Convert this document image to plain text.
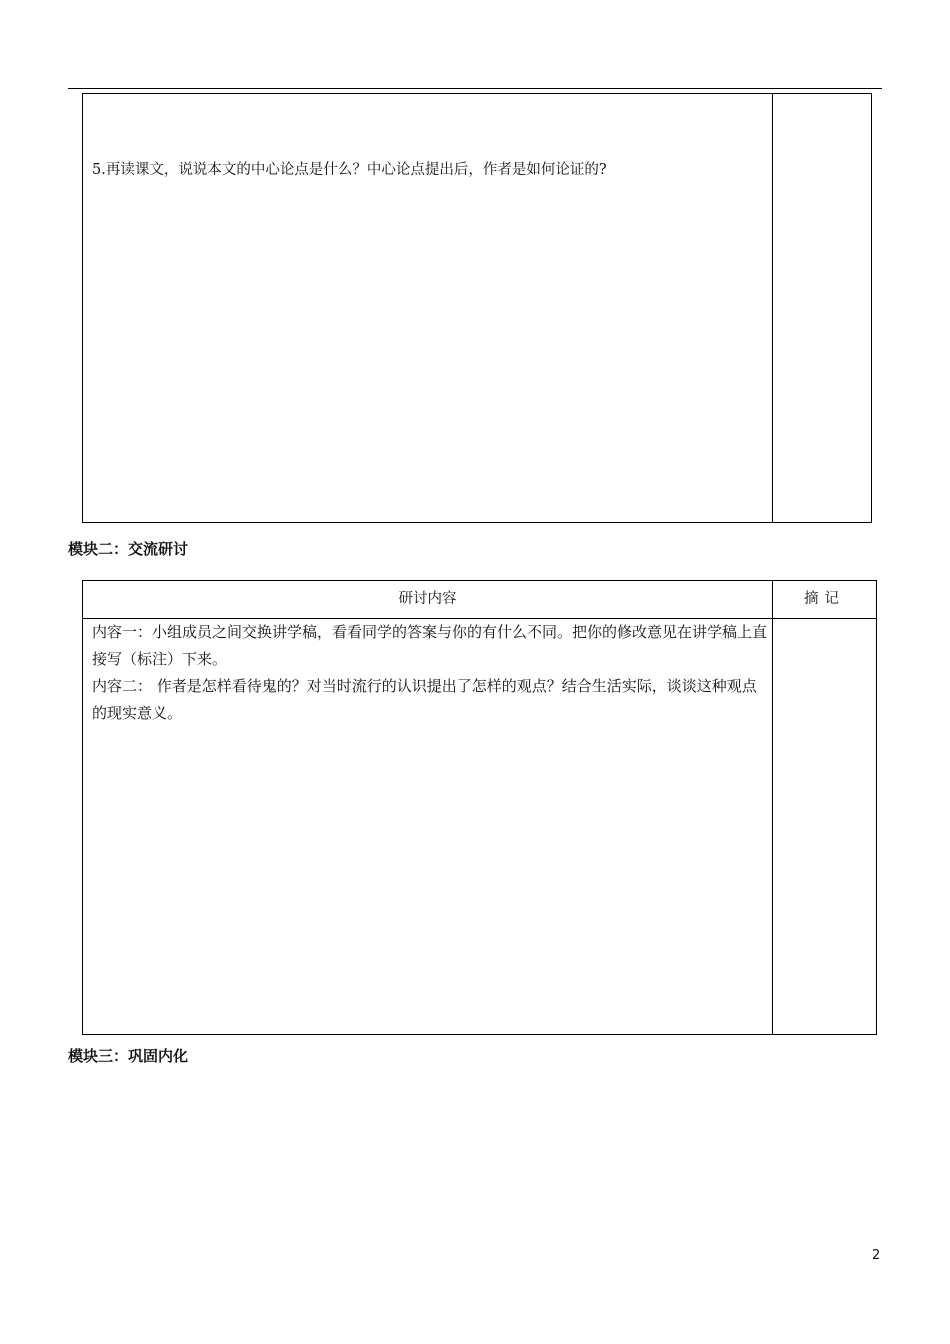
5.再读课文，说说本文的中心论点是什么？中心论点提出后，作者是如何论证的?
模块二：交流研讨
研讨内容	摘记

内容一：小组成员之间交换讲学稿，看看同学的答案与你的有什么不同。把你的修改意见在讲学稿上直接写（标注）下来。

内容二： 作者是怎样看待鬼的？对当时流行的认识提出了怎样的观点？结合生活实际，谈谈这种观点的现实意义。

模块三：巩固内化
2
